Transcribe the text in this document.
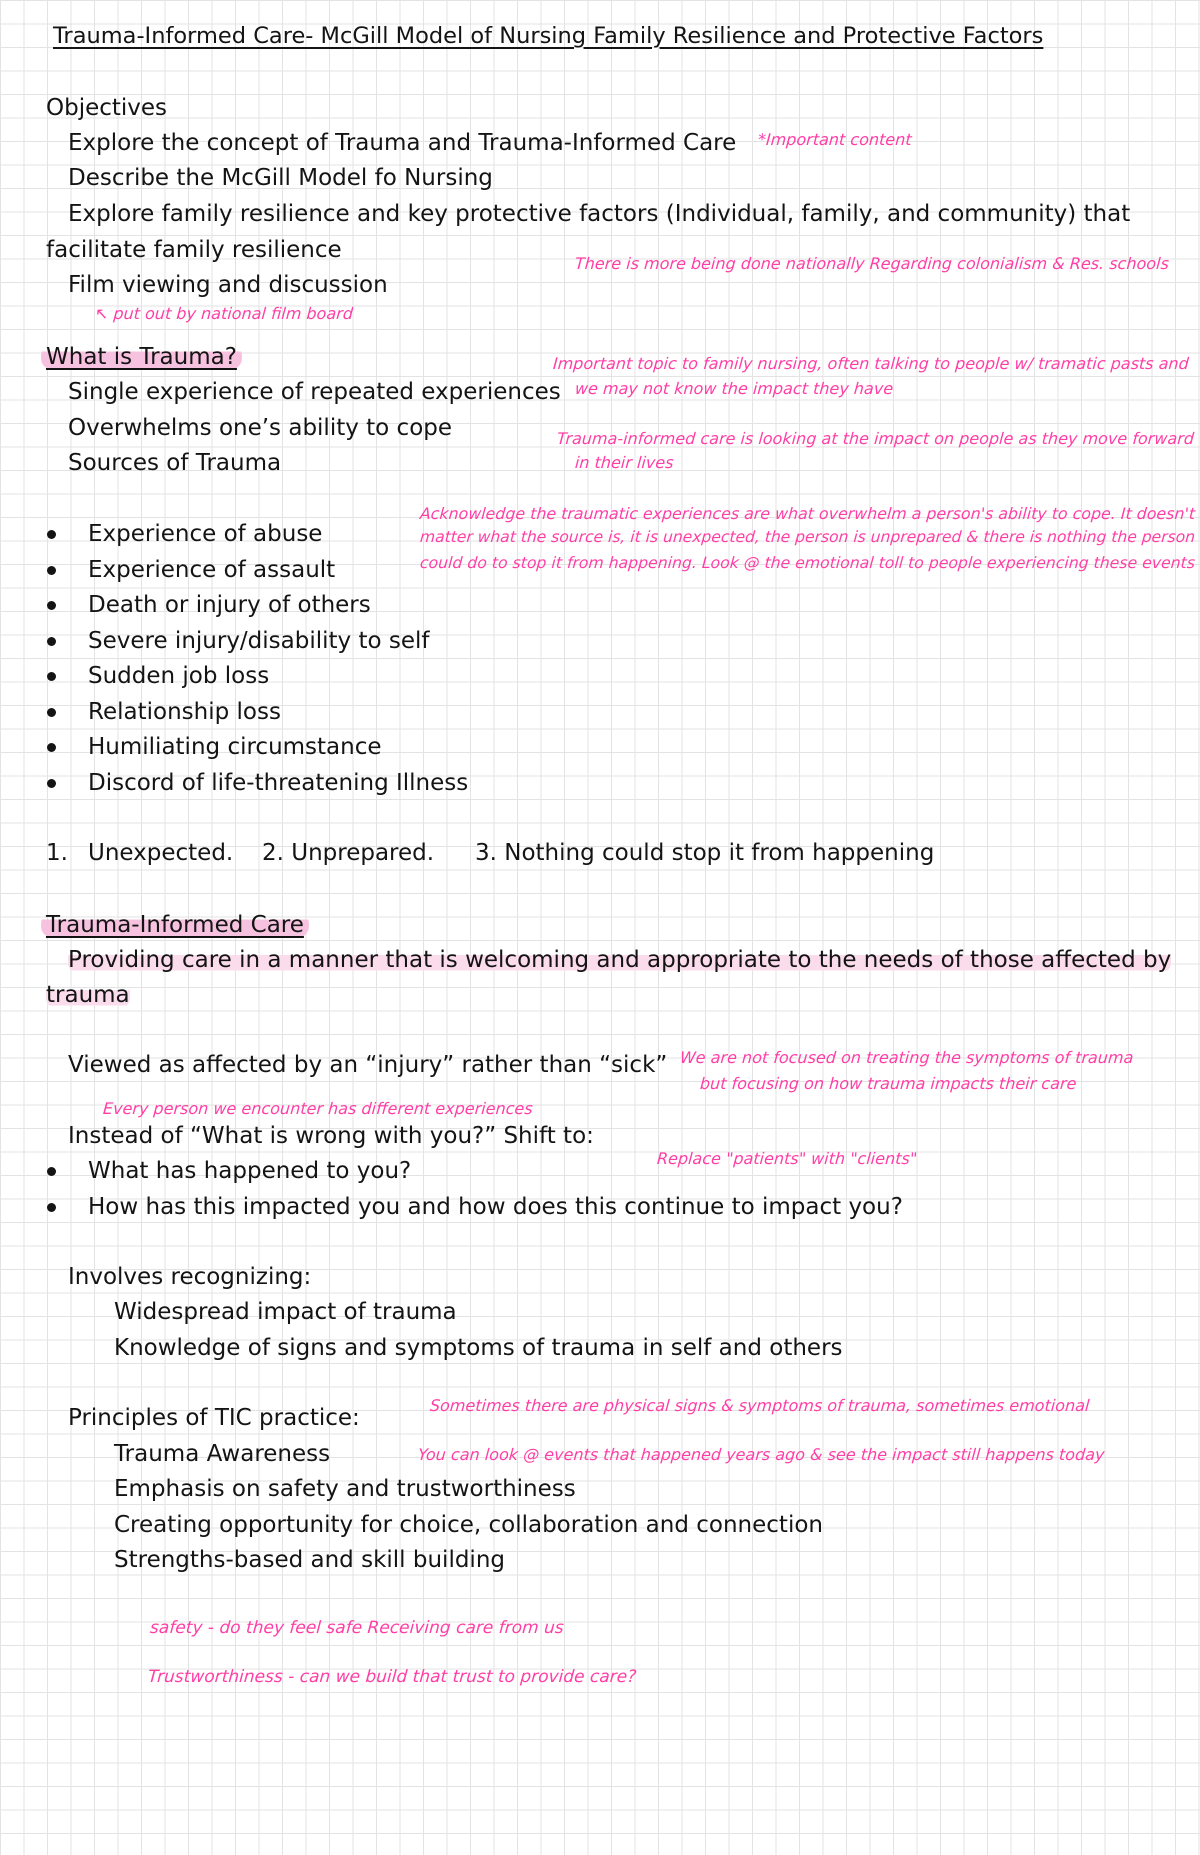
Trauma-Informed Care- McGill Model of Nursing Family Resilience and Protective Factors
Objectives
Explore the concept of Trauma and Trauma-Informed Care
Describe the McGill Model fo Nursing
Explore family resilience and key protective factors (Individual, family, and community) that
facilitate family resilience
Film viewing and discussion
What is Trauma?
Single experience of repeated experiences
Overwhelms one’s ability to cope
Sources of Trauma
Experience of abuse
Experience of assault
Death or injury of others
Severe injury/disability to self
Sudden job loss
Relationship loss
Humiliating circumstance
Discord of life-threatening Illness
1. Unexpected. 2. Unprepared. 3. Nothing could stop it from happening
Trauma-Informed Care
Providing care in a manner that is welcoming and appropriate to the needs of those affected by
trauma
Viewed as affected by an “injury” rather than “sick”
Instead of “What is wrong with you?” Shift to:
What has happened to you?
How has this impacted you and how does this continue to impact you?
Involves recognizing:
Widespread impact of trauma
Knowledge of signs and symptoms of trauma in self and others
Principles of TIC practice:
Trauma Awareness
Emphasis on safety and trustworthiness
Creating opportunity for choice, collaboration and connection
Strengths-based and skill building
*Important content
There is more being done nationally Regarding colonialism & Res. schools
↖ put out by national film board
Important topic to family nursing, often talking to people w/ tramatic pasts and
we may not know the impact they have
Trauma-informed care is looking at the impact on people as they move forward
in their lives
Acknowledge the traumatic experiences are what overwhelm a person's ability to cope. It doesn't
matter what the source is, it is unexpected, the person is unprepared & there is nothing the person
could do to stop it from happening. Look @ the emotional toll to people experiencing these events
We are not focused on treating the symptoms of trauma
but focusing on how trauma impacts their care
Every person we encounter has different experiences
Replace "patients" with "clients"
Sometimes there are physical signs & symptoms of trauma, sometimes emotional
You can look @ events that happened years ago & see the impact still happens today
safety - do they feel safe Receiving care from us
Trustworthiness - can we build that trust to provide care?
